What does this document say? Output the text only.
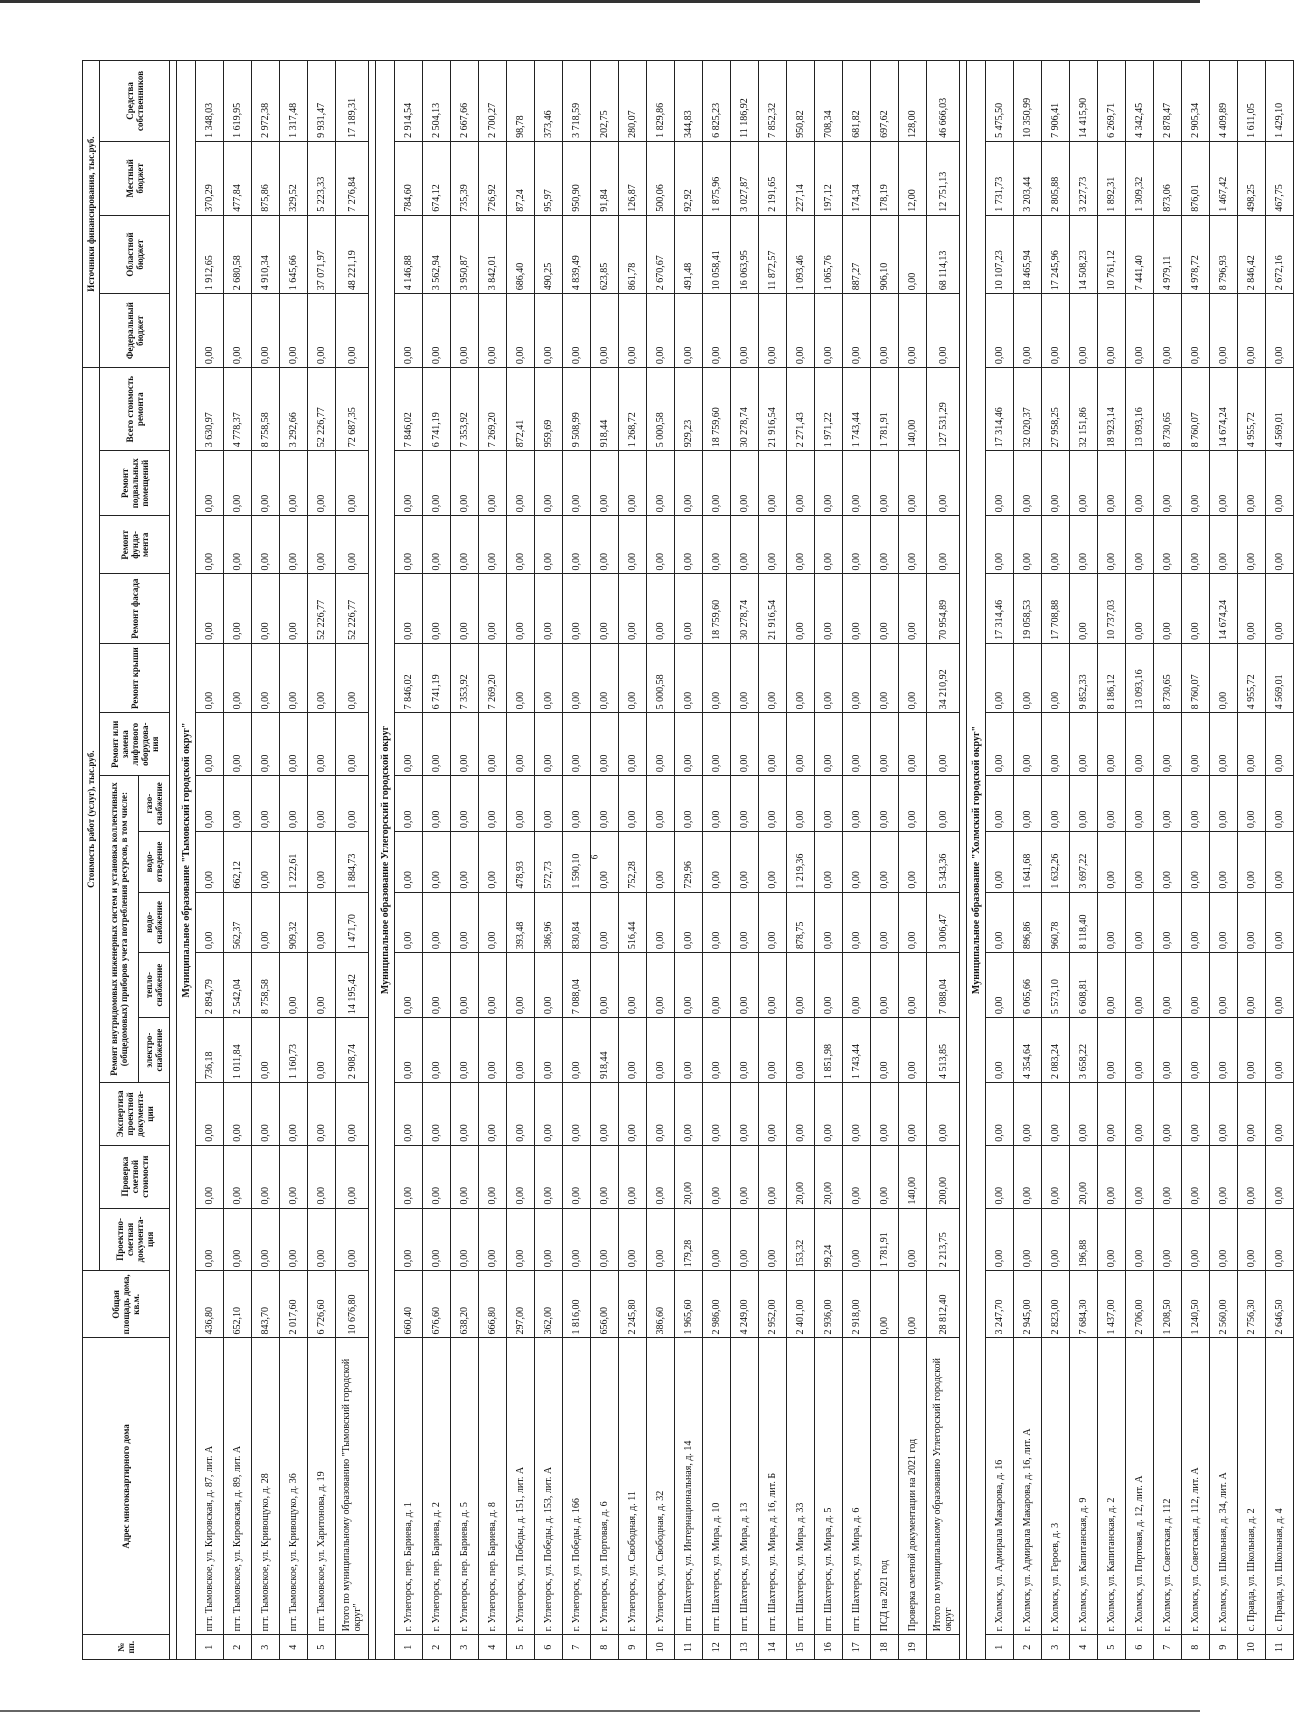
6
№ пп.	Адрес многоквартирного дома	Общая площадь дома, кв.м.	Стоимость работ (услуг), тыс.руб.														Источники финансирования, тыс.руб.			
			Проектно-сметная документа-ция	Проверка сметной стоимости	Экспертиза проектной документа-ции	Ремонт внутридомовых инженерных систем и установка коллективных (общедомовых) приборов учета потребления ресурсов, в том числе:					Ремонт или замена лифтового оборудова-ния	Ремонт крыши	Ремонт фасада	Ремонт фунда-мента	Ремонт подвальных помещений	Всего стоимость ремонта	Федеральный бюджет	Областной бюджет	Местный бюджет	Средства собственников
						электро-снабжение	тепло-снабжение	водо-снабжение	водо-отведение	газо-снабжение										

Муниципальное образование "Тымовский городской округ"																				
1	пгт. Тымовское, ул. Кировская, д. 87, лит. А	436,80	0,00	0,00	0,00	736,18	2 894,79	0,00	0,00	0,00	0,00	0,00	0,00	0,00	0,00	3 630,97	0,00	1 912,65	370,29	1 348,03
2	пгт. Тымовское, ул. Кировская, д. 89, лит. А	652,10	0,00	0,00	0,00	1 011,84	2 542,04	562,37	662,12	0,00	0,00	0,00	0,00	0,00	0,00	4 778,37	0,00	2 680,58	477,84	1 619,95
3	пгт. Тымовское, ул. Кривощуко, д. 28	843,70	0,00	0,00	0,00	0,00	8 758,58	0,00	0,00	0,00	0,00	0,00	0,00	0,00	0,00	8 758,58	0,00	4 910,34	875,86	2 972,38
4	пгт. Тымовское, ул. Кривощуко, д. 36	2 017,60	0,00	0,00	0,00	1 160,73	0,00	909,32	1 222,61	0,00	0,00	0,00	0,00	0,00	0,00	3 292,66	0,00	1 645,66	329,52	1 317,48
5	пгт. Тымовское, ул. Харитонова, д. 19	6 726,60	0,00	0,00	0,00	0,00	0,00	0,00	0,00	0,00	0,00	0,00	52 226,77	0,00	0,00	52 226,77	0,00	37 071,97	5 223,33	9 931,47
	Итого по муниципальному образованию "Тымовский городской округ"	10 676,80	0,00	0,00	0,00	2 908,74	14 195,42	1 471,70	1 884,73	0,00	0,00	0,00	52 226,77	0,00	0,00	72 687,35	0,00	48 221,19	7 276,84	17 189,31

Муниципальное образование Углегорский городской округ																				
1	г. Углегорск, пер. Бариева, д. 1	660,40	0,00	0,00	0,00	0,00	0,00	0,00	0,00	0,00	0,00	7 846,02	0,00	0,00	0,00	7 846,02	0,00	4 146,88	784,60	2 914,54
2	г. Углегорск, пер. Бариева, д. 2	676,60	0,00	0,00	0,00	0,00	0,00	0,00	0,00	0,00	0,00	6 741,19	0,00	0,00	0,00	6 741,19	0,00	3 562,94	674,12	2 504,13
3	г. Углегорск, пер. Бариева, д. 5	638,20	0,00	0,00	0,00	0,00	0,00	0,00	0,00	0,00	0,00	7 353,92	0,00	0,00	0,00	7 353,92	0,00	3 950,87	735,39	2 667,66
4	г. Углегорск, пер. Бариева, д. 8	666,80	0,00	0,00	0,00	0,00	0,00	0,00	0,00	0,00	0,00	7 269,20	0,00	0,00	0,00	7 269,20	0,00	3 842,01	726,92	2 700,27
5	г. Углегорск, ул. Победы, д. 151, лит. А	297,00	0,00	0,00	0,00	0,00	0,00	393,48	478,93	0,00	0,00	0,00	0,00	0,00	0,00	872,41	0,00	686,40	87,24	98,78
6	г. Углегорск, ул. Победы, д. 153, лит. А	362,00	0,00	0,00	0,00	0,00	0,00	386,96	572,73	0,00	0,00	0,00	0,00	0,00	0,00	959,69	0,00	490,25	95,97	373,46
7	г. Углегорск, ул. Победы, д. 166	1 816,00	0,00	0,00	0,00	0,00	7 088,04	830,84	1 590,10	0,00	0,00	0,00	0,00	0,00	0,00	9 508,99	0,00	4 839,49	950,90	3 718,59
8	г. Углегорск, ул. Портовая, д. 6	656,00	0,00	0,00	0,00	918,44	0,00	0,00	0,00	0,00	0,00	0,00	0,00	0,00	0,00	918,44	0,00	623,85	91,84	202,75
9	г. Углегорск, ул. Свободная, д. 11	2 245,80	0,00	0,00	0,00	0,00	0,00	516,44	752,28	0,00	0,00	0,00	0,00	0,00	0,00	1 268,72	0,00	861,78	126,87	280,07
10	г. Углегорск, ул. Свободная, д. 32	386,60	0,00	0,00	0,00	0,00	0,00	0,00	0,00	0,00	0,00	5 000,58	0,00	0,00	0,00	5 000,58	0,00	2 670,67	500,06	1 829,86
11	пгт. Шахтерск, ул. Интернациональная, д. 14	1 965,60	179,28	20,00	0,00	0,00	0,00	0,00	729,96	0,00	0,00	0,00	0,00	0,00	0,00	929,23	0,00	491,48	92,92	344,83
12	пгт. Шахтерск, ул. Мира, д. 10	2 986,00	0,00	0,00	0,00	0,00	0,00	0,00	0,00	0,00	0,00	0,00	18 759,60	0,00	0,00	18 759,60	0,00	10 058,41	1 875,96	6 825,23
13	пгт. Шахтерск, ул. Мира, д. 13	4 249,00	0,00	0,00	0,00	0,00	0,00	0,00	0,00	0,00	0,00	0,00	30 278,74	0,00	0,00	30 278,74	0,00	16 063,95	3 027,87	11 186,92
14	пгт. Шахтерск, ул. Мира, д. 16, лит. Б	2 952,00	0,00	0,00	0,00	0,00	0,00	0,00	0,00	0,00	0,00	0,00	21 916,54	0,00	0,00	21 916,54	0,00	11 872,57	2 191,65	7 852,32
15	пгт. Шахтерск, ул. Мира, д. 33	2 401,00	153,32	20,00	0,00	0,00	0,00	878,75	1 219,36	0,00	0,00	0,00	0,00	0,00	0,00	2 271,43	0,00	1 093,46	227,14	950,82
16	пгт. Шахтерск, ул. Мира, д. 5	2 936,00	99,24	20,00	0,00	1 851,98	0,00	0,00	0,00	0,00	0,00	0,00	0,00	0,00	0,00	1 971,22	0,00	1 065,76	197,12	708,34
17	пгт. Шахтерск, ул. Мира, д. 6	2 918,00	0,00	0,00	0,00	1 743,44	0,00	0,00	0,00	0,00	0,00	0,00	0,00	0,00	0,00	1 743,44	0,00	887,27	174,34	681,82
18	ПСД на 2021 год	0,00	1 781,91	0,00	0,00	0,00	0,00	0,00	0,00	0,00	0,00	0,00	0,00	0,00	0,00	1 781,91	0,00	906,10	178,19	697,62
19	Проверка сметной документации на 2021 год	0,00	0,00	140,00	0,00	0,00	0,00	0,00	0,00	0,00	0,00	0,00	0,00	0,00	0,00	140,00	0,00	0,00	12,00	128,00
	Итого по муниципальному образованию Углегорский городской округ	28 812,40	2 213,75	200,00	0,00	4 513,85	7 088,04	3 006,47	5 343,36	0,00	0,00	34 210,92	70 954,89	0,00	0,00	127 531,29	0,00	68 114,13	12 751,13	46 666,03

Муниципальное образование "Холмский городской округ"																				
1	г. Холмск, ул. Адмирала Макарова, д. 16	3 247,70	0,00	0,00	0,00	0,00	0,00	0,00	0,00	0,00	0,00	0,00	17 314,46	0,00	0,00	17 314,46	0,00	10 107,23	1 731,73	5 475,50
2	г. Холмск, ул. Адмирала Макарова, д. 16, лит. А	2 945,00	0,00	0,00	0,00	4 354,64	6 065,66	896,86	1 641,68	0,00	0,00	0,00	19 058,53	0,00	0,00	32 020,37	0,00	18 465,94	3 203,44	10 350,99
3	г. Холмск, ул. Героев, д. 3	2 823,00	0,00	0,00	0,00	2 083,24	5 573,10	960,78	1 632,26	0,00	0,00	0,00	17 708,88	0,00	0,00	27 958,25	0,00	17 245,96	2 805,88	7 906,41
4	г. Холмск, ул. Капитанская, д. 9	7 684,30	196,88	20,00	0,00	3 658,22	6 608,81	8 118,40	3 697,22	0,00	0,00	9 852,33	0,00	0,00	0,00	32 151,86	0,00	14 508,23	3 227,73	14 415,90
5	г. Холмск, ул. Капитанская, д. 2	1 437,00	0,00	0,00	0,00	0,00	0,00	0,00	0,00	0,00	0,00	8 186,12	10 737,03	0,00	0,00	18 923,14	0,00	10 761,12	1 892,31	6 269,71
6	г. Холмск, ул. Портовая, д. 12, лит. А	2 706,00	0,00	0,00	0,00	0,00	0,00	0,00	0,00	0,00	0,00	13 093,16	0,00	0,00	0,00	13 093,16	0,00	7 441,40	1 309,32	4 342,45
7	г. Холмск, ул. Советская, д. 112	1 208,50	0,00	0,00	0,00	0,00	0,00	0,00	0,00	0,00	0,00	8 730,65	0,00	0,00	0,00	8 730,65	0,00	4 979,11	873,06	2 878,47
8	г. Холмск, ул. Советская, д. 112, лит. А	1 240,50	0,00	0,00	0,00	0,00	0,00	0,00	0,00	0,00	0,00	8 760,07	0,00	0,00	0,00	8 760,07	0,00	4 978,72	876,01	2 905,34
9	г. Холмск, ул. Школьная, д. 34, лит. А	2 560,00	0,00	0,00	0,00	0,00	0,00	0,00	0,00	0,00	0,00	0,00	14 674,24	0,00	0,00	14 674,24	0,00	8 796,93	1 467,42	4 409,89
10	с. Правда, ул. Школьная, д. 2	2 756,30	0,00	0,00	0,00	0,00	0,00	0,00	0,00	0,00	0,00	4 955,72	0,00	0,00	0,00	4 955,72	0,00	2 846,42	498,25	1 611,05
11	с. Правда, ул. Школьная, д. 4	2 646,50	0,00	0,00	0,00	0,00	0,00	0,00	0,00	0,00	0,00	4 569,01	0,00	0,00	0,00	4 569,01	0,00	2 672,16	467,75	1 429,10
